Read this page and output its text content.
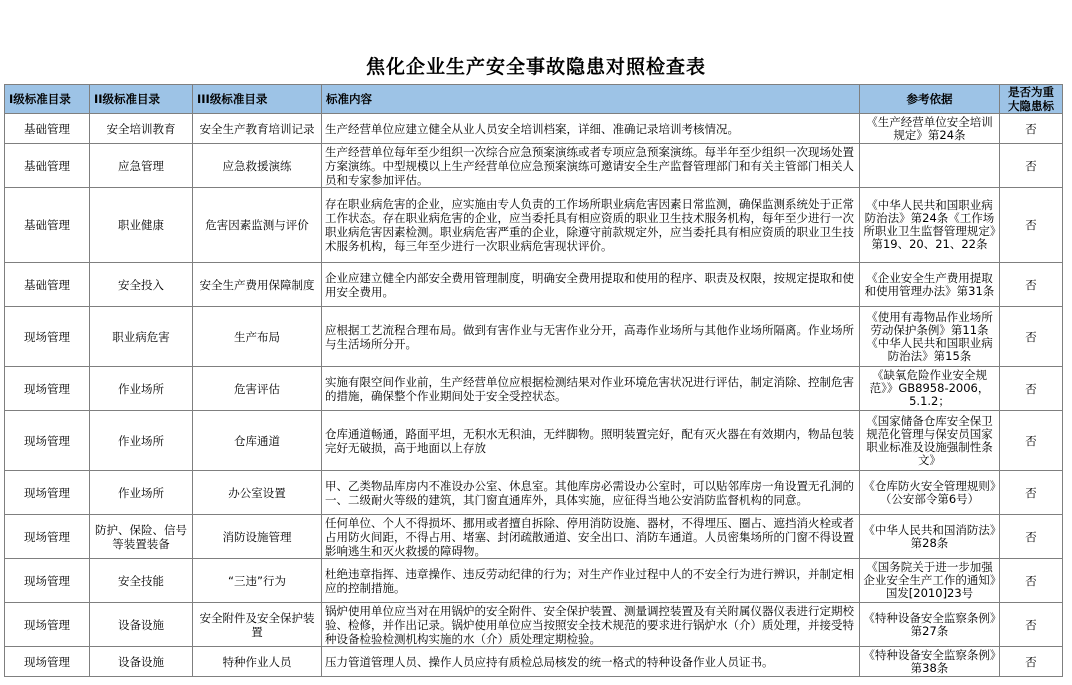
焦化企业生产安全事故隐患对照检查表
I级标准目录	II级标准目录	III级标准目录	标准内容	参考依据	是否为重大隐患标

基础管理	安全培训教育	安全生产教育培训记录	生产经营单位应建立健全从业人员安全培训档案，详细、准确记录培训考核情况。	《生产经营单位安全培训规定》第24条	否

基础管理	应急管理	应急救援演练	生产经营单位每年至少组织一次综合应急预案演练或者专项应急预案演练。每半年至少组织一次现场处置方案演练。中型规模以上生产经营单位应急预案演练可邀请安全生产监督管理部门和有关主管部门相关人员和专家参加评估。		否

基础管理	职业健康	危害因素监测与评价	存在职业病危害的企业，应实施由专人负责的工作场所职业病危害因素日常监测，确保监测系统处于正常工作状态。存在职业病危害的企业，应当委托具有相应资质的职业卫生技术服务机构，每年至少进行一次职业病危害因素检测。职业病危害严重的企业，除遵守前款规定外，应当委托具有相应资质的职业卫生技术服务机构，每三年至少进行一次职业病危害现状评价。	《中华人民共和国职业病防治法》第24条《工作场所职业卫生监督管理规定》第19、20、21、22条	否

基础管理	安全投入	安全生产费用保障制度	企业应建立健全内部安全费用管理制度，明确安全费用提取和使用的程序、职责及权限，按规定提取和使用安全费用。	《企业安全生产费用提取和使用管理办法》第31条	否

现场管理	职业病危害	生产布局	应根据工艺流程合理布局。做到有害作业与无害作业分开，高毒作业场所与其他作业场所隔离。作业场所与生活场所分开。	《使用有毒物品作业场所劳动保护条例》第11条《中华人民共和国职业病防治法》第15条	否

现场管理	作业场所	危害评估	实施有限空间作业前，生产经营单位应根据检测结果对作业环境危害状况进行评估，制定消除、控制危害的措施，确保整个作业期间处于安全受控状态。	《缺氧危险作业安全规范》》GB8958-2006，5.1.2；	否

现场管理	作业场所	仓库通道	仓库通道畅通，路面平坦，无积水无积油，无绊脚物。照明装置完好，配有灭火器在有效期内，物品包装完好无破损，高于地面以上存放	《国家储备仓库安全保卫规范化管理与保安员国家职业标准及设施强制性条文》	否

现场管理	作业场所	办公室设置	甲、乙类物品库房内不准设办公室、休息室。其他库房必需设办公室时，可以贴邻库房一角设置无孔洞的一、二级耐火等级的建筑，其门窗直通库外，具体实施，应征得当地公安消防监督机构的同意。	《仓库防火安全管理规则》（公安部令第6号）	否

现场管理	防护、保险、信号等装置装备	消防设施管理	任何单位、个人不得损坏、挪用或者擅自拆除、停用消防设施、器材，不得埋压、圈占、遮挡消火栓或者占用防火间距，不得占用、堵塞、封闭疏散通道、安全出口、消防车通道。人员密集场所的门窗不得设置影响逃生和灭火救援的障碍物。	《中华人民共和国消防法》第28条	否

现场管理	安全技能	“三违”行为	杜绝违章指挥、违章操作、违反劳动纪律的行为；对生产作业过程中人的不安全行为进行辨识，并制定相应的控制措施。	《国务院关于进一步加强企业安全生产工作的通知》国发[2010]23号	否

现场管理	设备设施	安全附件及安全保护装置	锅炉使用单位应当对在用锅炉的安全附件、安全保护装置、测量调控装置及有关附属仪器仪表进行定期校验、检修，并作出记录。锅炉使用单位应当按照安全技术规范的要求进行锅炉水（介）质处理，并接受特种设备检验检测机构实施的水（介）质处理定期检验。	《特种设备安全监察条例》第27条	否

现场管理	设备设施	特种作业人员	压力管道管理人员、操作人员应持有质检总局核发的统一格式的特种设备作业人员证书。	《特种设备安全监察条例》第38条	否
